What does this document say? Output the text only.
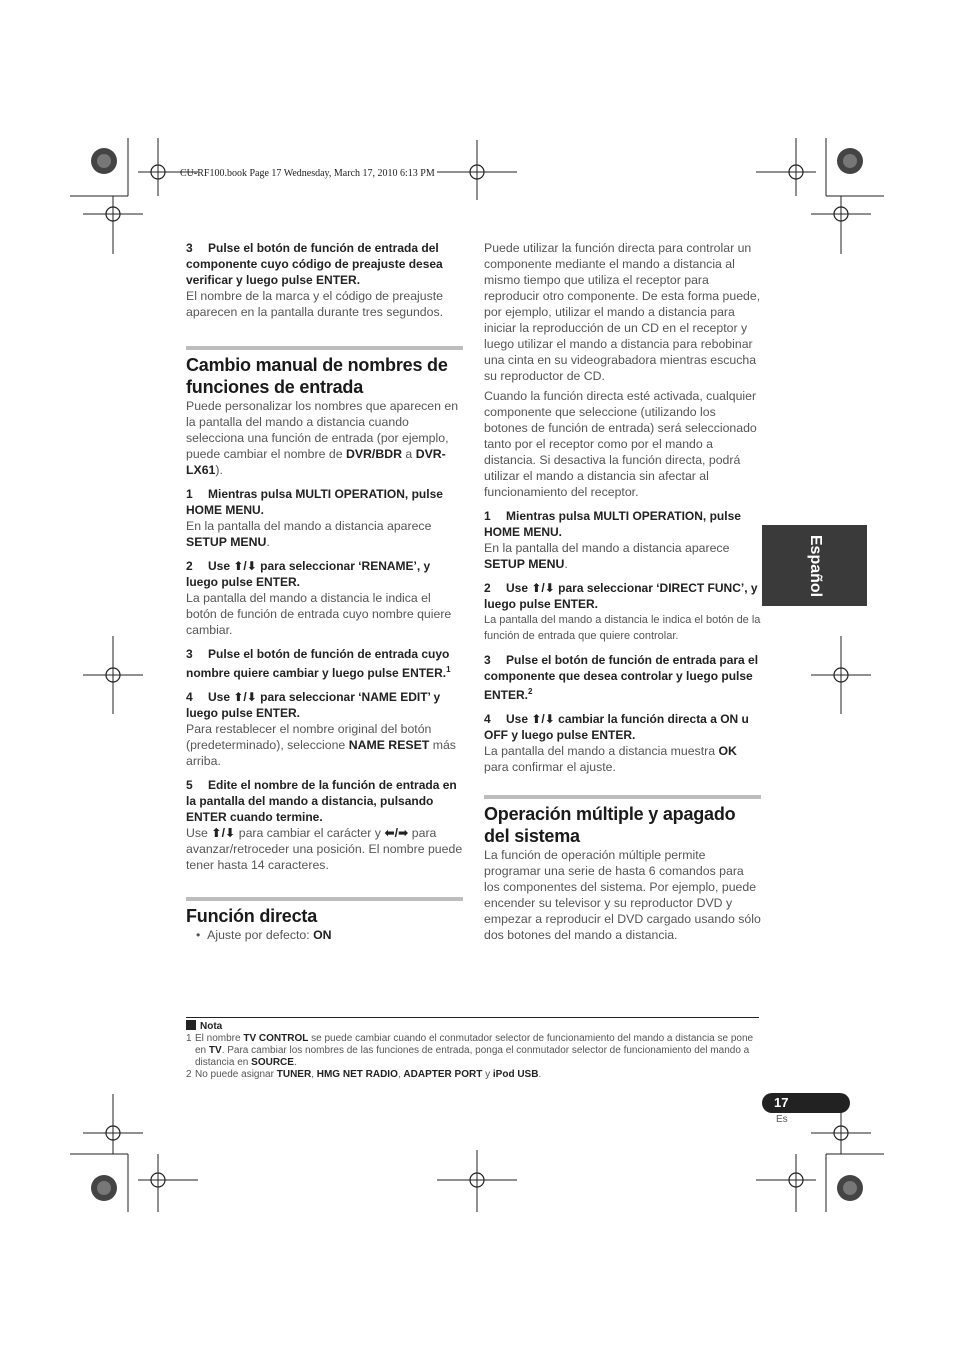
CU-RF100.book Page 17 Wednesday, March 17, 2010 6:13 PM

3 Pulse el botón de función de entrada del componente cuyo código de preajuste desea verificar y luego pulse ENTER.

El nombre de la marca y el código de preajuste aparecen en la pantalla durante tres segundos.

Cambio manual de nombres de funciones de entrada

Puede personalizar los nombres que aparecen en la pantalla del mando a distancia cuando selecciona una función de entrada (por ejemplo, puede cambiar el nombre de DVR/BDR a DVR-LX61).

1 Mientras pulsa MULTI OPERATION, pulse HOME MENU.

En la pantalla del mando a distancia aparece SETUP MENU.

2 Use ⬆/⬇ para seleccionar ‘RENAME’, y luego pulse ENTER.

La pantalla del mando a distancia le indica el botón de función de entrada cuyo nombre quiere cambiar.

3 Pulse el botón de función de entrada cuyo nombre quiere cambiar y luego pulse ENTER.$^1$

4 Use ⬆/⬇ para seleccionar ‘NAME EDIT’ y luego pulse ENTER.

Para restablecer el nombre original del botón (predeterminado), seleccione NAME RESET más arriba.

5 Edite el nombre de la función de entrada en la pantalla del mando a distancia, pulsando ENTER cuando termine.

Use ⬆/⬇ para cambiar el carácter y ⬅/➡ para avanzar/retroceder una posición. El nombre puede tener hasta 14 caracteres.

Función directa

•  Ajuste por defecto: ON

Puede utilizar la función directa para controlar un componente mediante el mando a distancia al mismo tiempo que utiliza el receptor para reproducir otro componente. De esta forma puede, por ejemplo, utilizar el mando a distancia para iniciar la reproducción de un CD en el receptor y luego utilizar el mando a distancia para rebobinar una cinta en su videograbadora mientras escucha su reproductor de CD.

Cuando la función directa esté activada, cualquier componente que seleccione (utilizando los botones de función de entrada) será seleccionado tanto por el receptor como por el mando a distancia. Si desactiva la función directa, podrá utilizar el mando a distancia sin afectar al funcionamiento del receptor.

1 Mientras pulsa MULTI OPERATION, pulse HOME MENU.

En la pantalla del mando a distancia aparece SETUP MENU.

2 Use ⬆/⬇ para seleccionar ‘DIRECT FUNC’, y luego pulse ENTER.

La pantalla del mando a distancia le indica el botón de la función de entrada que quiere controlar.

3 Pulse el botón de función de entrada para el componente que desea controlar y luego pulse ENTER.$^2$

4 Use ⬆/⬇ cambiar la función directa a ON u OFF y luego pulse ENTER.

La pantalla del mando a distancia muestra OK para confirmar el ajuste.

Operación múltiple y apagado del sistema

La función de operación múltiple permite programar una serie de hasta 6 comandos para los componentes del sistema. Por ejemplo, puede encender su televisor y su reproductor DVD y empezar a reproducir el DVD cargado usando sólo dos botones del mando a distancia.

Español
Nota
1 El nombre TV CONTROL se puede cambiar cuando el conmutador selector de funcionamiento del mando a distancia se pone en TV. Para cambiar los nombres de las funciones de entrada, ponga el conmutador selector de funcionamiento del mando a distancia en SOURCE.
2 No puede asignar TUNER, HMG NET RADIO, ADAPTER PORT y iPod USB.
17
Es
